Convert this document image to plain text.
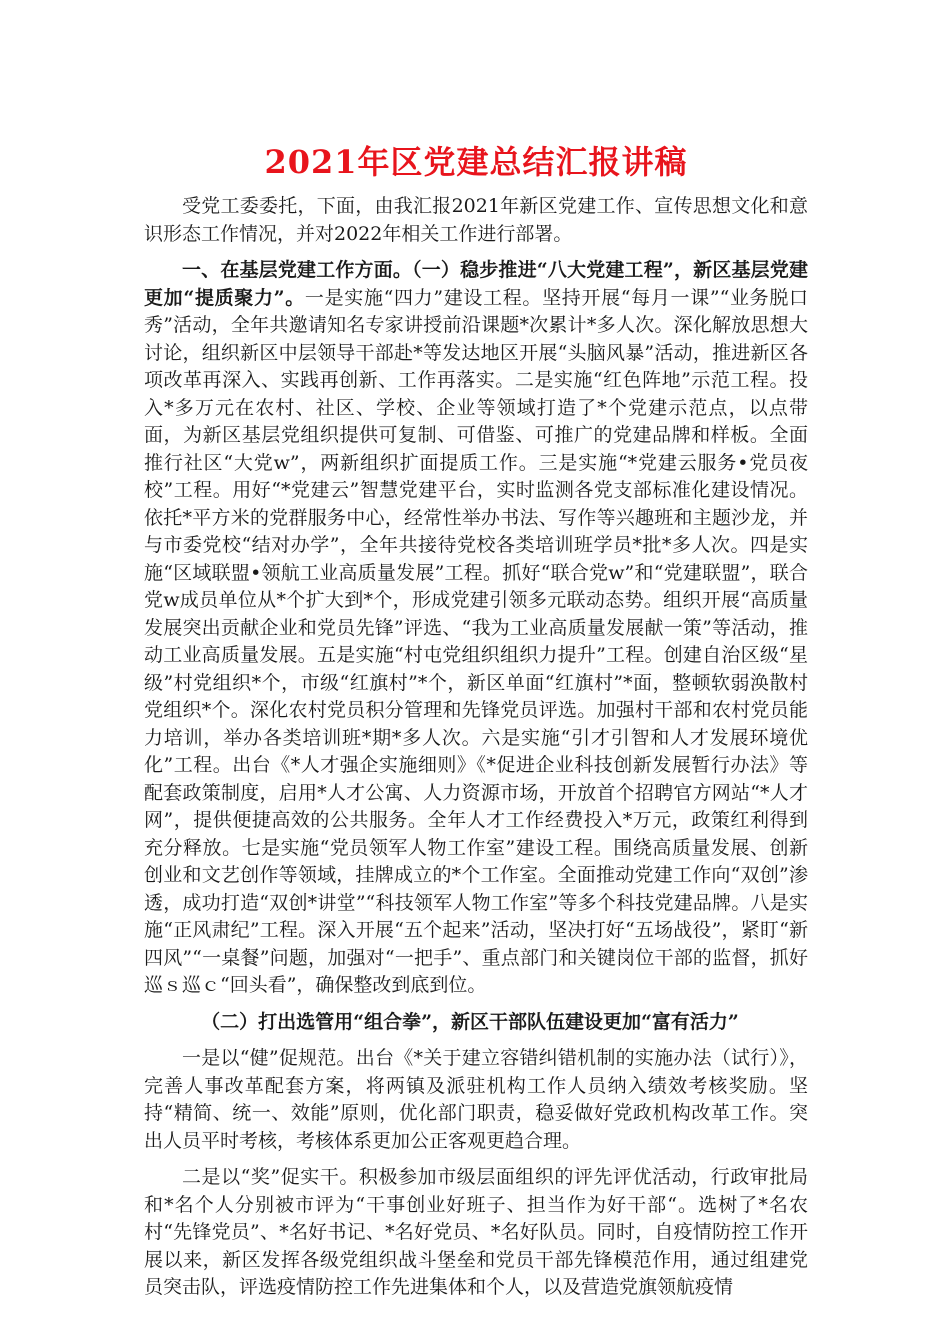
2021年区党建总结汇报讲稿

受党工委委托，下面，由我汇报2021年新区党建工作、宣传思想文化和意识形态工作情况，并对2022年相关工作进行部署。

一、在基层党建工作方面。（一）稳步推进“八大党建工程”，新区基层党建更加“提质聚力”。一是实施“四力”建设工程。坚持开展“每月一课”“业务脱口秀”活动，全年共邀请知名专家讲授前沿课题*次累计*多人次。深化解放思想大讨论，组织新区中层领导干部赴*等发达地区开展“头脑风暴”活动，推进新区各项改革再深入、实践再创新、工作再落实。二是实施“红色阵地”示范工程。投入*多万元在农村、社区、学校、企业等领域打造了*个党建示范点，以点带面，为新区基层党组织提供可复制、可借鉴、可推广的党建品牌和样板。全面推行社区“大党w”，两新组织扩面提质工作。三是实施“*党建云服务•党员夜校”工程。用好“*党建云”智慧党建平台，实时监测各党支部标准化建设情况。依托*平方米的党群服务中心，经常性举办书法、写作等兴趣班和主题沙龙，并与市委党校“结对办学”，全年共接待党校各类培训班学员*批*多人次。四是实施“区域联盟•领航工业高质量发展”工程。抓好“联合党w”和“党建联盟”，联合党w成员单位从*个扩大到*个，形成党建引领多元联动态势。组织开展“高质量发展突出贡献企业和党员先锋”评选、“我为工业高质量发展献一策”等活动，推动工业高质量发展。五是实施“村屯党组织组织力提升”工程。创建自治区级“星级”村党组织*个，市级“红旗村”*个，新区单面“红旗村”*面，整顿软弱涣散村党组织*个。深化农村党员积分管理和先锋党员评选。加强村干部和农村党员能力培训，举办各类培训班*期*多人次。六是实施“引才引智和人才发展环境优化”工程。出台《*人才强企实施细则》《*促进企业科技创新发展暂行办法》等配套政策制度，启用*人才公寓、人力资源市场，开放首个招聘官方网站“*人才网”，提供便捷高效的公共服务。全年人才工作经费投入*万元，政策红利得到充分释放。七是实施“党员领军人物工作室”建设工程。围绕高质量发展、创新创业和文艺创作等领域，挂牌成立的*个工作室。全面推动党建工作向“双创”渗透，成功打造“双创*讲堂”“科技领军人物工作室”等多个科技党建品牌。八是实施“正风肃纪”工程。深入开展“五个起来”活动，坚决打好“五场战役”，紧盯“新四风”“一桌餐”问题，加强对“一把手”、重点部门和关键岗位干部的监督，抓好巡ｓ巡ｃ“回头看”，确保整改到底到位。

（二）打出选管用“组合拳”，新区干部队伍建设更加“富有活力”

一是以“健”促规范。出台《*关于建立容错纠错机制的实施办法（试行）》，完善人事改革配套方案，将两镇及派驻机构工作人员纳入绩效考核奖励。坚持“精简、统一、效能”原则，优化部门职责，稳妥做好党政机构改革工作。突出人员平时考核，考核体系更加公正客观更趋合理。

二是以“奖”促实干。积极参加市级层面组织的评先评优活动，行政审批局和*名个人分别被市评为“干事创业好班子、担当作为好干部“。选树了*名农村“先锋党员”、*名好书记、*名好党员、*名好队员。同时，自疫情防控工作开展以来，新区发挥各级党组织战斗堡垒和党员干部先锋模范作用，通过组建党员突击队，评选疫情防控工作先进集体和个人，以及营造党旗领航疫情
